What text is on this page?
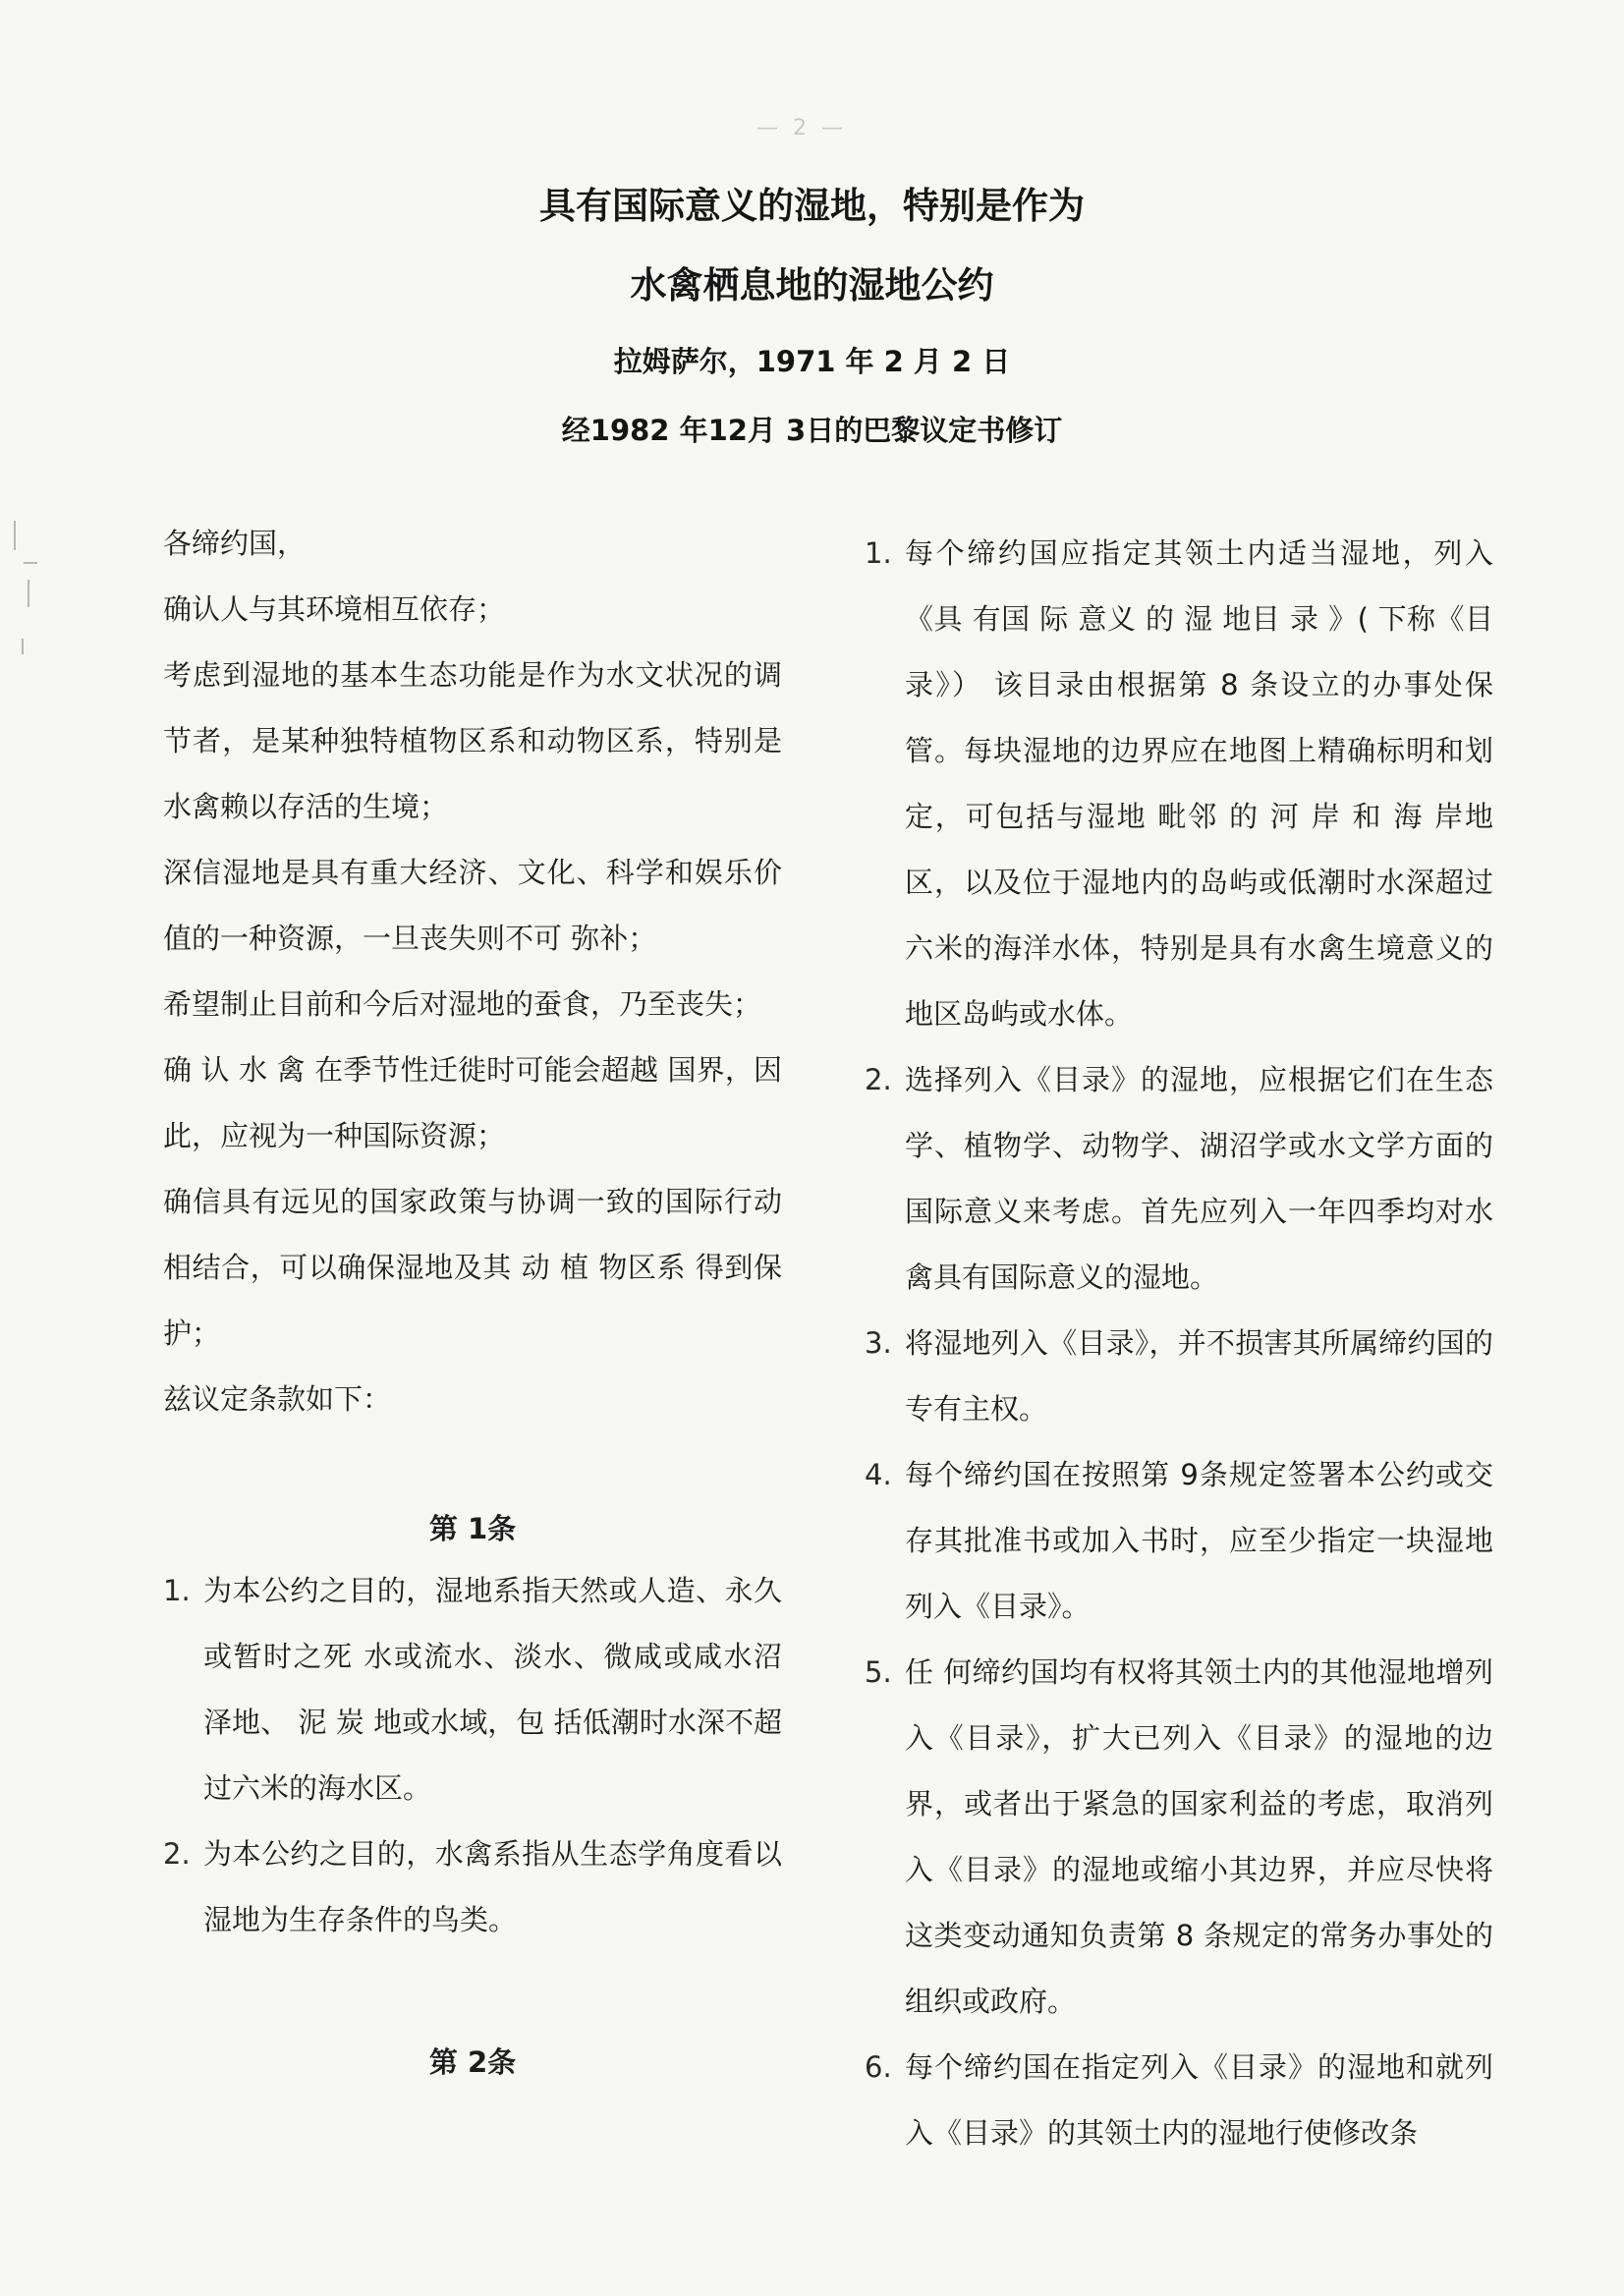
— 2 —
具有国际意义的湿地，特别是作为
水禽栖息地的湿地公约
拉姆萨尔，1971 年 2 月 2 日
经1982 年12月 3日的巴黎议定书修订

各缔约国，

确认人与其环境相互依存；

考虑到湿地的基本生态功能是作为水文状况的调节者，是某种独特植物区系和动物区系，特别是水禽赖以存活的生境；

深信湿地是具有重大经济、文化、科学和娱乐价值的一种资源，一旦丧失则不可 弥补；

希望制止目前和今后对湿地的蚕食，乃至丧失；

确 认 水 禽 在季节性迁徙时可能会超越 国界，因此，应视为一种国际资源；

确信具有远见的国家政策与协调一致的国际行动相结合，可以确保湿地及其 动 植 物区系 得到保护；

兹议定条款如下：

第 1条
1. 为本公约之目的，湿地系指天然或人造、永久或暂时之死 水或流水、淡水、微咸或咸水沼泽地、 泥 炭 地或水域，包 括低潮时水深不超过六米的海水区。
2. 为本公约之目的，水禽系指从生态学角度看以湿地为生存条件的鸟类。
第 2条
1. 每个缔约国应指定其领土内适当湿地，列入《具 有国 际 意义 的 湿 地目 录 》( 下称《目录》） 该目录由根据第 8 条设立的办事处保管。每块湿地的边界应在地图上精确标明和划定，可包括与湿地 毗邻 的 河 岸 和 海 岸地区，以及位于湿地内的岛屿或低潮时水深超过六米的海洋水体，特别是具有水禽生境意义的地区岛屿或水体。
2. 选择列入《目录》的湿地，应根据它们在生态学、植物学、动物学、湖沼学或水文学方面的国际意义来考虑。首先应列入一年四季均对水禽具有国际意义的湿地。
3. 将湿地列入《目录》，并不损害其所属缔约国的专有主权。
4. 每个缔约国在按照第 9条规定签署本公约或交存其批准书或加入书时，应至少指定一块湿地列入《目录》。
5. 任 何缔约国均有权将其领土内的其他湿地增列入《目录》，扩大已列入《目录》的湿地的边界，或者出于紧急的国家利益的考虑，取消列入《目录》的湿地或缩小其边界，并应尽快将这类变动通知负责第 8 条规定的常务办事处的组织或政府。
6. 每个缔约国在指定列入《目录》的湿地和就列入《目录》的其领土内的湿地行使修改条
